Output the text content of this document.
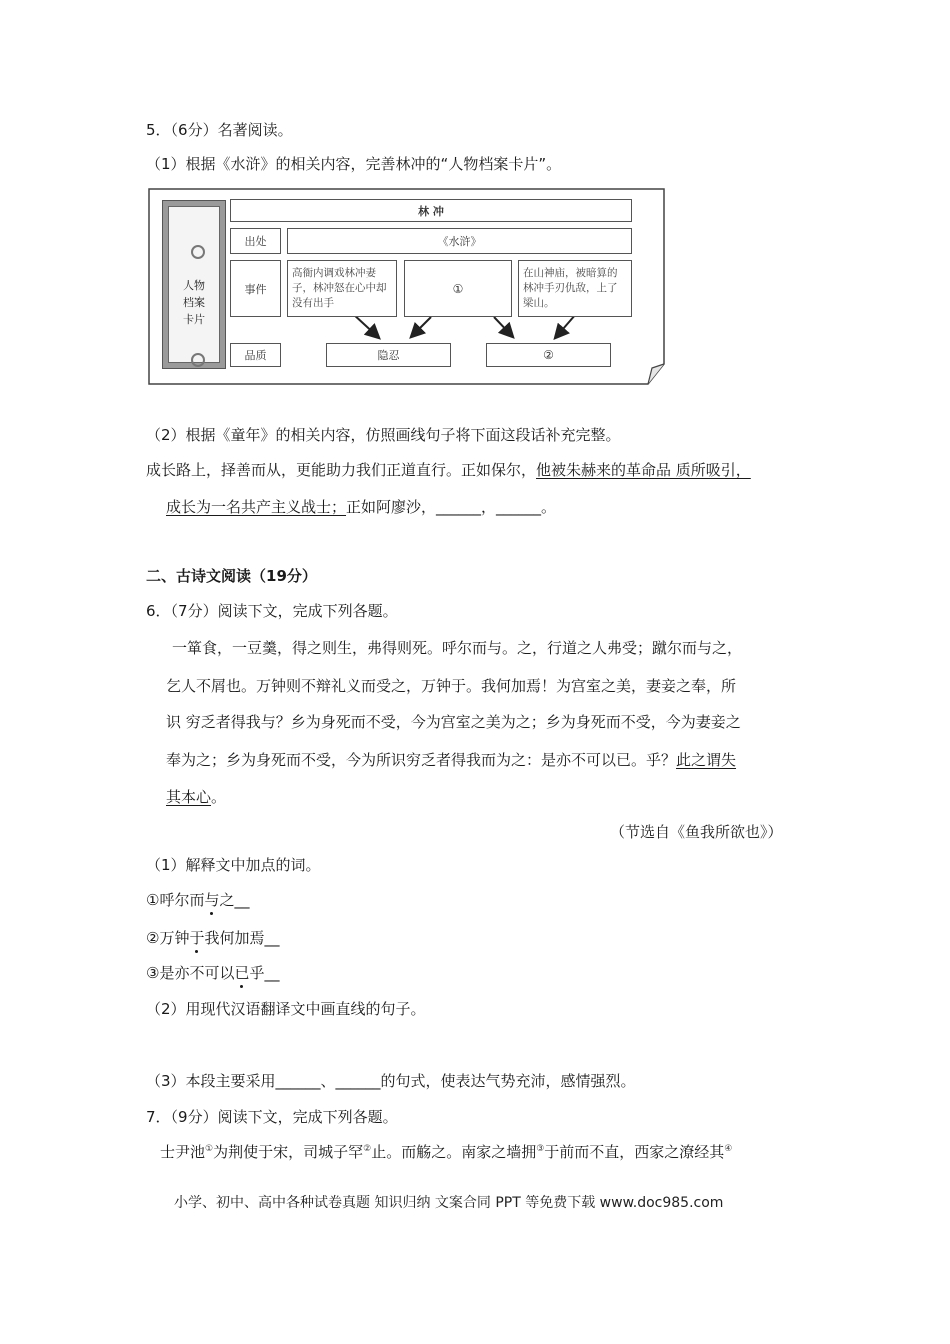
5．（6分）名著阅读。
（1）根据《水浒》的相关内容，完善林冲的“人物档案卡片”。
人物
档案
卡片
林 冲
出处	《水浒》
事件
高衙内调戏林冲妻子，林冲怒在心中却没有出手
①
在山神庙，被暗算的林冲手刃仇敌，上了梁山。
品质	隐忍	②
（2）根据《童年》的相关内容，仿照画线句子将下面这段话补充完整。
成长路上，择善而从，更能助力我们正道直行。正如保尔，他被朱赫来的革命品 质所吸引，
成长为一名共产主义战士；正如阿廖沙，______，______。
二、古诗文阅读（19分）
6．（7分）阅读下文，完成下列各题。
一箪食，一豆羹，得之则生，弗得则死。呼尔而与。之，行道之人弗受；蹴尔而与之，
乞人不屑也。万钟则不辩礼义而受之，万钟于。我何加焉！为宫室之美，妻妾之奉，所
识 穷乏者得我与？乡为身死而不受，今为宫室之美为之；乡为身死而不受，今为妻妾之
奉为之；乡为身死而不受，今为所识穷乏者得我而为之：是亦不可以已。乎？此之谓失
其本心。
（节选自《鱼我所欲也》）
（1）解释文中加点的词。
①呼尔而与之__
②万钟于我何加焉__
③是亦不可以已乎__
（2）用现代汉语翻译文中画直线的句子。
（3）本段主要采用______、______的句式，使表达气势充沛，感情强烈。
7．（9分）阅读下文，完成下列各题。
士尹池①为荆使于宋，司城子罕②止。而觞之。南家之墙拥③于前而不直，西家之潦经其④
小学、初中、高中各种试卷真题 知识归纳 文案合同 PPT 等免费下载 www.doc985.com
